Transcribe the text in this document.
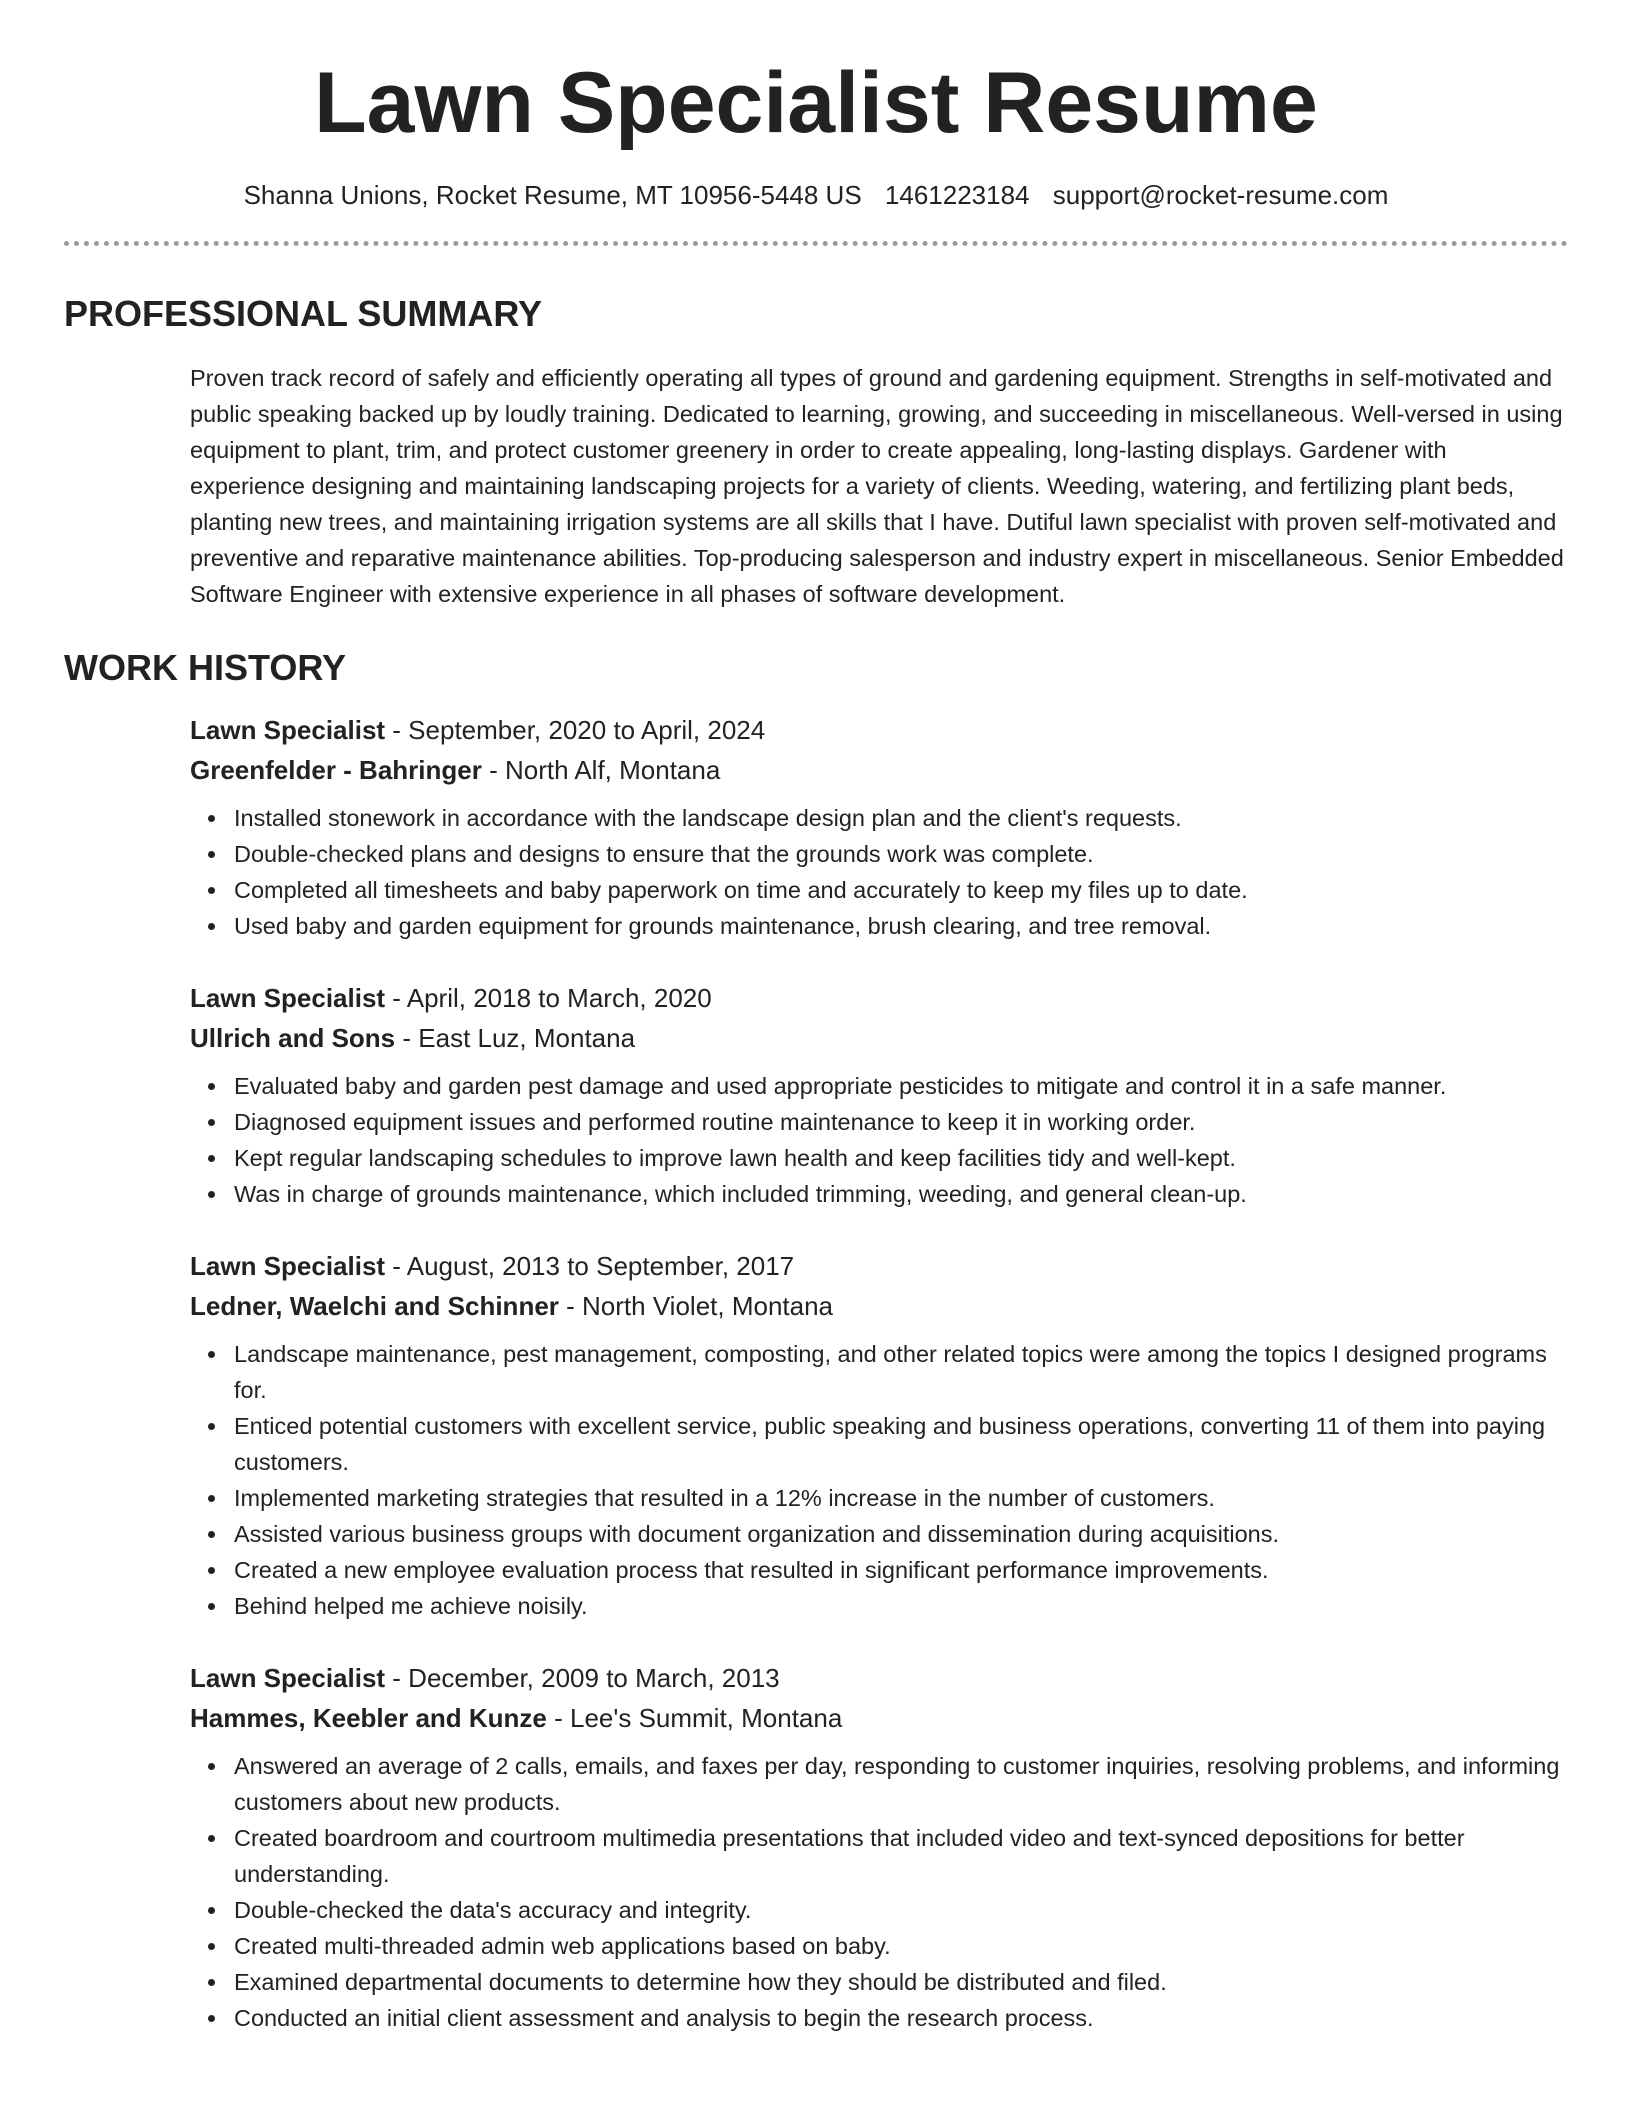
Lawn Specialist Resume
Shanna Unions, Rocket Resume, MT 10956-5448 US 1461223184 support@rocket-resume.com
PROFESSIONAL SUMMARY

Proven track record of safely and efficiently operating all types of ground and gardening equipment. Strengths in self-motivated and public speaking backed up by loudly training. Dedicated to learning, growing, and succeeding in miscellaneous. Well-versed in using equipment to plant, trim, and protect customer greenery in order to create appealing, long-lasting displays. Gardener with experience designing and maintaining landscaping projects for a variety of clients. Weeding, watering, and fertilizing plant beds, planting new trees, and maintaining irrigation systems are all skills that I have. Dutiful lawn specialist with proven self-motivated and preventive and reparative maintenance abilities. Top-producing salesperson and industry expert in miscellaneous. Senior Embedded Software Engineer with extensive experience in all phases of software development.

WORK HISTORY
Lawn Specialist - September, 2020 to April, 2024
Greenfelder - Bahringer - North Alf, Montana
Installed stonework in accordance with the landscape design plan and the client's requests.
Double-checked plans and designs to ensure that the grounds work was complete.
Completed all timesheets and baby paperwork on time and accurately to keep my files up to date.
Used baby and garden equipment for grounds maintenance, brush clearing, and tree removal.
Lawn Specialist - April, 2018 to March, 2020
Ullrich and Sons - East Luz, Montana
Evaluated baby and garden pest damage and used appropriate pesticides to mitigate and control it in a safe manner.
Diagnosed equipment issues and performed routine maintenance to keep it in working order.
Kept regular landscaping schedules to improve lawn health and keep facilities tidy and well-kept.
Was in charge of grounds maintenance, which included trimming, weeding, and general clean-up.
Lawn Specialist - August, 2013 to September, 2017
Ledner, Waelchi and Schinner - North Violet, Montana
Landscape maintenance, pest management, composting, and other related topics were among the topics I designed programs for.
Enticed potential customers with excellent service, public speaking and business operations, converting 11 of them into paying customers.
Implemented marketing strategies that resulted in a 12% increase in the number of customers.
Assisted various business groups with document organization and dissemination during acquisitions.
Created a new employee evaluation process that resulted in significant performance improvements.
Behind helped me achieve noisily.
Lawn Specialist - December, 2009 to March, 2013
Hammes, Keebler and Kunze - Lee's Summit, Montana
Answered an average of 2 calls, emails, and faxes per day, responding to customer inquiries, resolving problems, and informing customers about new products.
Created boardroom and courtroom multimedia presentations that included video and text-synced depositions for better understanding.
Double-checked the data's accuracy and integrity.
Created multi-threaded admin web applications based on baby.
Examined departmental documents to determine how they should be distributed and filed.
Conducted an initial client assessment and analysis to begin the research process.
